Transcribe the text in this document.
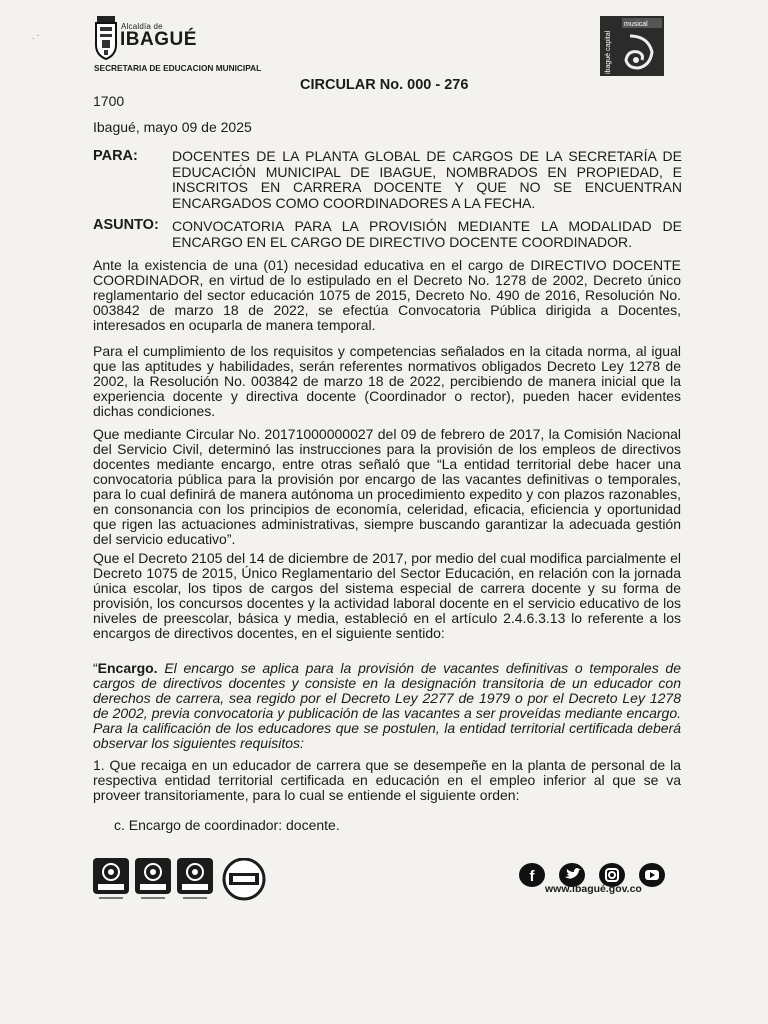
· `
Alcaldía de
IBAGUÉ
SECRETARIA DE EDUCACION MUNICIPAL
musical
ibagué capital
CIRCULAR No. 000 - 276
1700
Ibagué, mayo 09 de 2025
PARA: DOCENTES DE LA PLANTA GLOBAL DE CARGOS DE LA SECRETARÍA DE EDUCACIÓN MUNICIPAL DE IBAGUE, NOMBRADOS EN PROPIEDAD, E INSCRITOS EN CARRERA DOCENTE Y QUE NO SE ENCUENTRAN ENCARGADOS COMO COORDINADORES A LA FECHA.
ASUNTO: CONVOCATORIA PARA LA PROVISIÓN MEDIANTE LA MODALIDAD DE ENCARGO EN EL CARGO DE DIRECTIVO DOCENTE COORDINADOR.
Ante la existencia de una (01) necesidad educativa en el cargo de DIRECTIVO DOCENTE COORDINADOR, en virtud de lo estipulado en el Decreto No. 1278 de 2002, Decreto único reglamentario del sector educación 1075 de 2015, Decreto No. 490 de 2016, Resolución No. 003842 de marzo 18 de 2022, se efectúa Convocatoria Pública dirigida a Docentes, interesados en ocuparla de manera temporal.
Para el cumplimiento de los requisitos y competencias señalados en la citada norma, al igual que las aptitudes y habilidades, serán referentes normativos obligados Decreto Ley 1278 de 2002, la Resolución No. 003842 de marzo 18 de 2022, percibiendo de manera inicial que la experiencia docente y directiva docente (Coordinador o rector), pueden hacer evidentes dichas condiciones.
Que mediante Circular No. 20171000000027 del 09 de febrero de 2017, la Comisión Nacional del Servicio Civil, determinó las instrucciones para la provisión de los empleos de directivos docentes mediante encargo, entre otras señaló que “La entidad territorial debe hacer una convocatoria pública para la provisión por encargo de las vacantes definitivas o temporales, para lo cual definirá de manera autónoma un procedimiento expedito y con plazos razonables, en consonancia con los principios de economía, celeridad, eficacia, eficiencia y oportunidad que rigen las actuaciones administrativas, siempre buscando garantizar la adecuada gestión del servicio educativo”.
Que el Decreto 2105 del 14 de diciembre de 2017, por medio del cual modifica parcialmente el Decreto 1075 de 2015, Único Reglamentario del Sector Educación, en relación con la jornada única escolar, los tipos de cargos del sistema especial de carrera docente y su forma de provisión, los concursos docentes y la actividad laboral docente en el servicio educativo de los niveles de preescolar, básica y media, estableció en el artículo 2.4.6.3.13 lo referente a los encargos de directivos docentes, en el siguiente sentido:
“Encargo. El encargo se aplica para la provisión de vacantes definitivas o temporales de cargos de directivos docentes y consiste en la designación transitoria de un educador con derechos de carrera, sea regido por el Decreto Ley 2277 de 1979 o por el Decreto Ley 1278 de 2002, previa convocatoria y publicación de las vacantes a ser proveídas mediante encargo. Para la calificación de los educadores que se postulen, la entidad territorial certificada deberá observar los siguientes requisitos:
1. Que recaiga en un educador de carrera que se desempeñe en la planta de personal de la respectiva entidad territorial certificada en educación en el empleo inferior al que se va proveer transitoriamente, para lo cual se entiende el siguiente orden:
c. Encargo de coordinador: docente.
f
www.ibagué.gov.co
